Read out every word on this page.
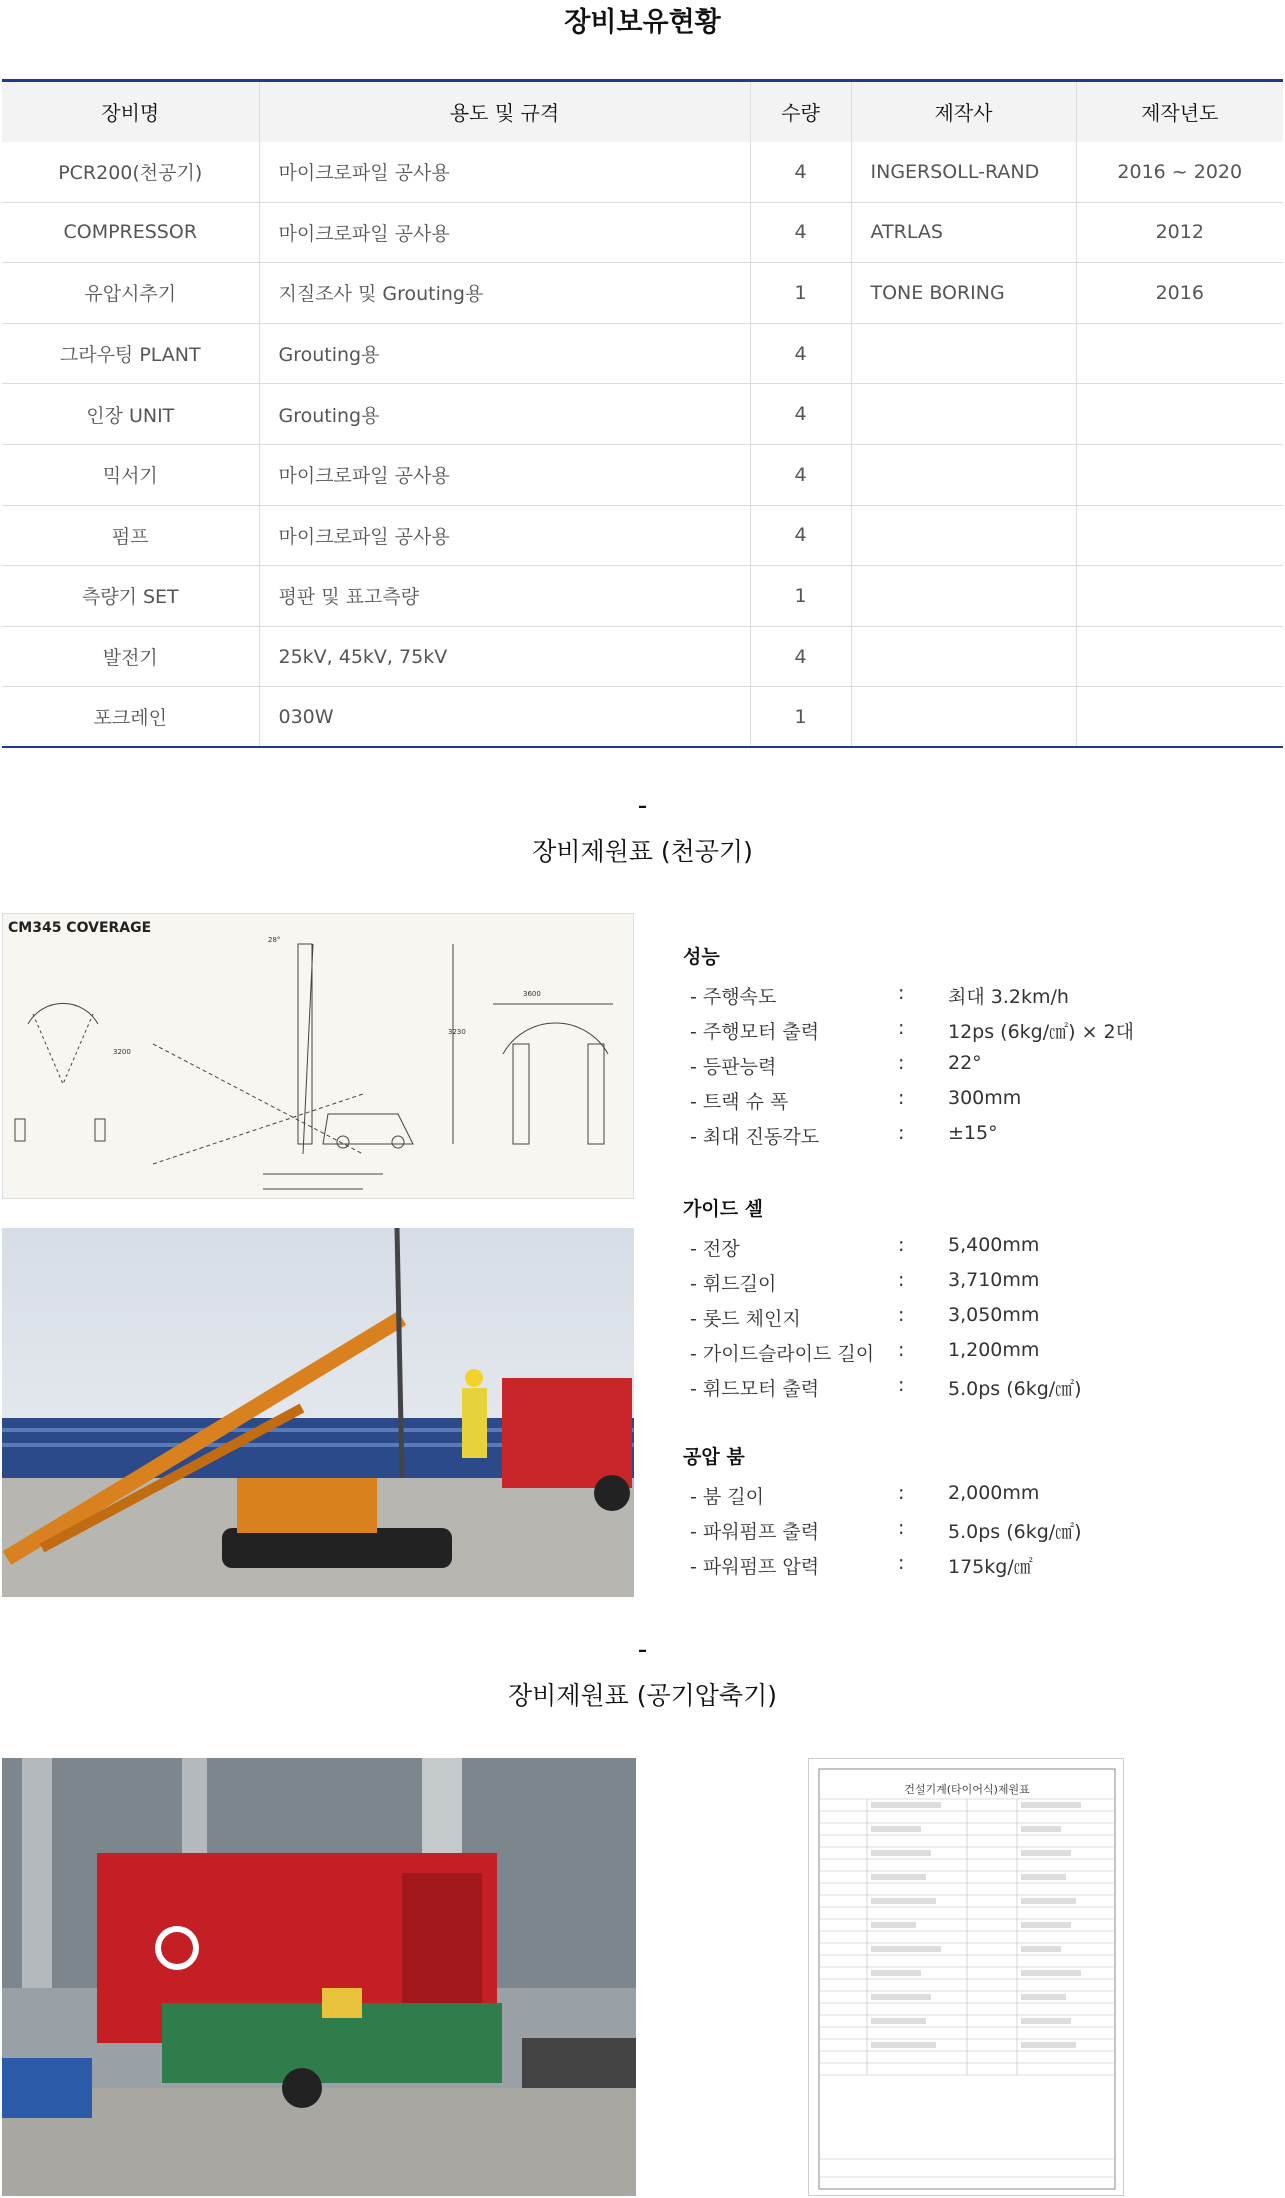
장비보유현황
장비명	용도 및 규격	수량	제작사	제작년도
PCR200(천공기)	마이크로파일 공사용	4	INGERSOLL-RAND	2016 ~ 2020
COMPRESSOR	마이크로파일 공사용	4	ATRLAS	2012
유압시추기	지질조사 및 Grouting용	1	TONE BORING	2016
그라우팅 PLANT	Grouting용	4		
인장 UNIT	Grouting용	4		
믹서기	마이크로파일 공사용	4		
펌프	마이크로파일 공사용	4		
측량기 SET	평판 및 표고측량	1		
발전기	25kV, 45kV, 75kV	4		
포크레인	030W	1		
–
장비제원표 (천공기)
CM345 COVERAGE
28°
3200
3600
3230
성능
- 주행속도	: 최대 3.2km/h
- 주행모터 출력	: 12ps (6kg/㎠) × 2대
- 등판능력	: 22°
- 트랙 슈 폭	: 300mm
- 최대 진동각도	: ±15°
가이드 셀
- 전장	: 5,400mm
- 휘드길이	: 3,710mm
- 롯드 체인지	: 3,050mm
- 가이드슬라이드 길이 : 1,200mm
- 휘드모터 출력	: 5.0ps (6kg/㎠)
공압 붐
- 붐 길이	: 2,000mm
- 파워펌프 출력	: 5.0ps (6kg/㎠)
- 파워펌프 압력	: 175kg/㎠
–
장비제원표 (공기압축기)
건설기계(타이어식)제원표
